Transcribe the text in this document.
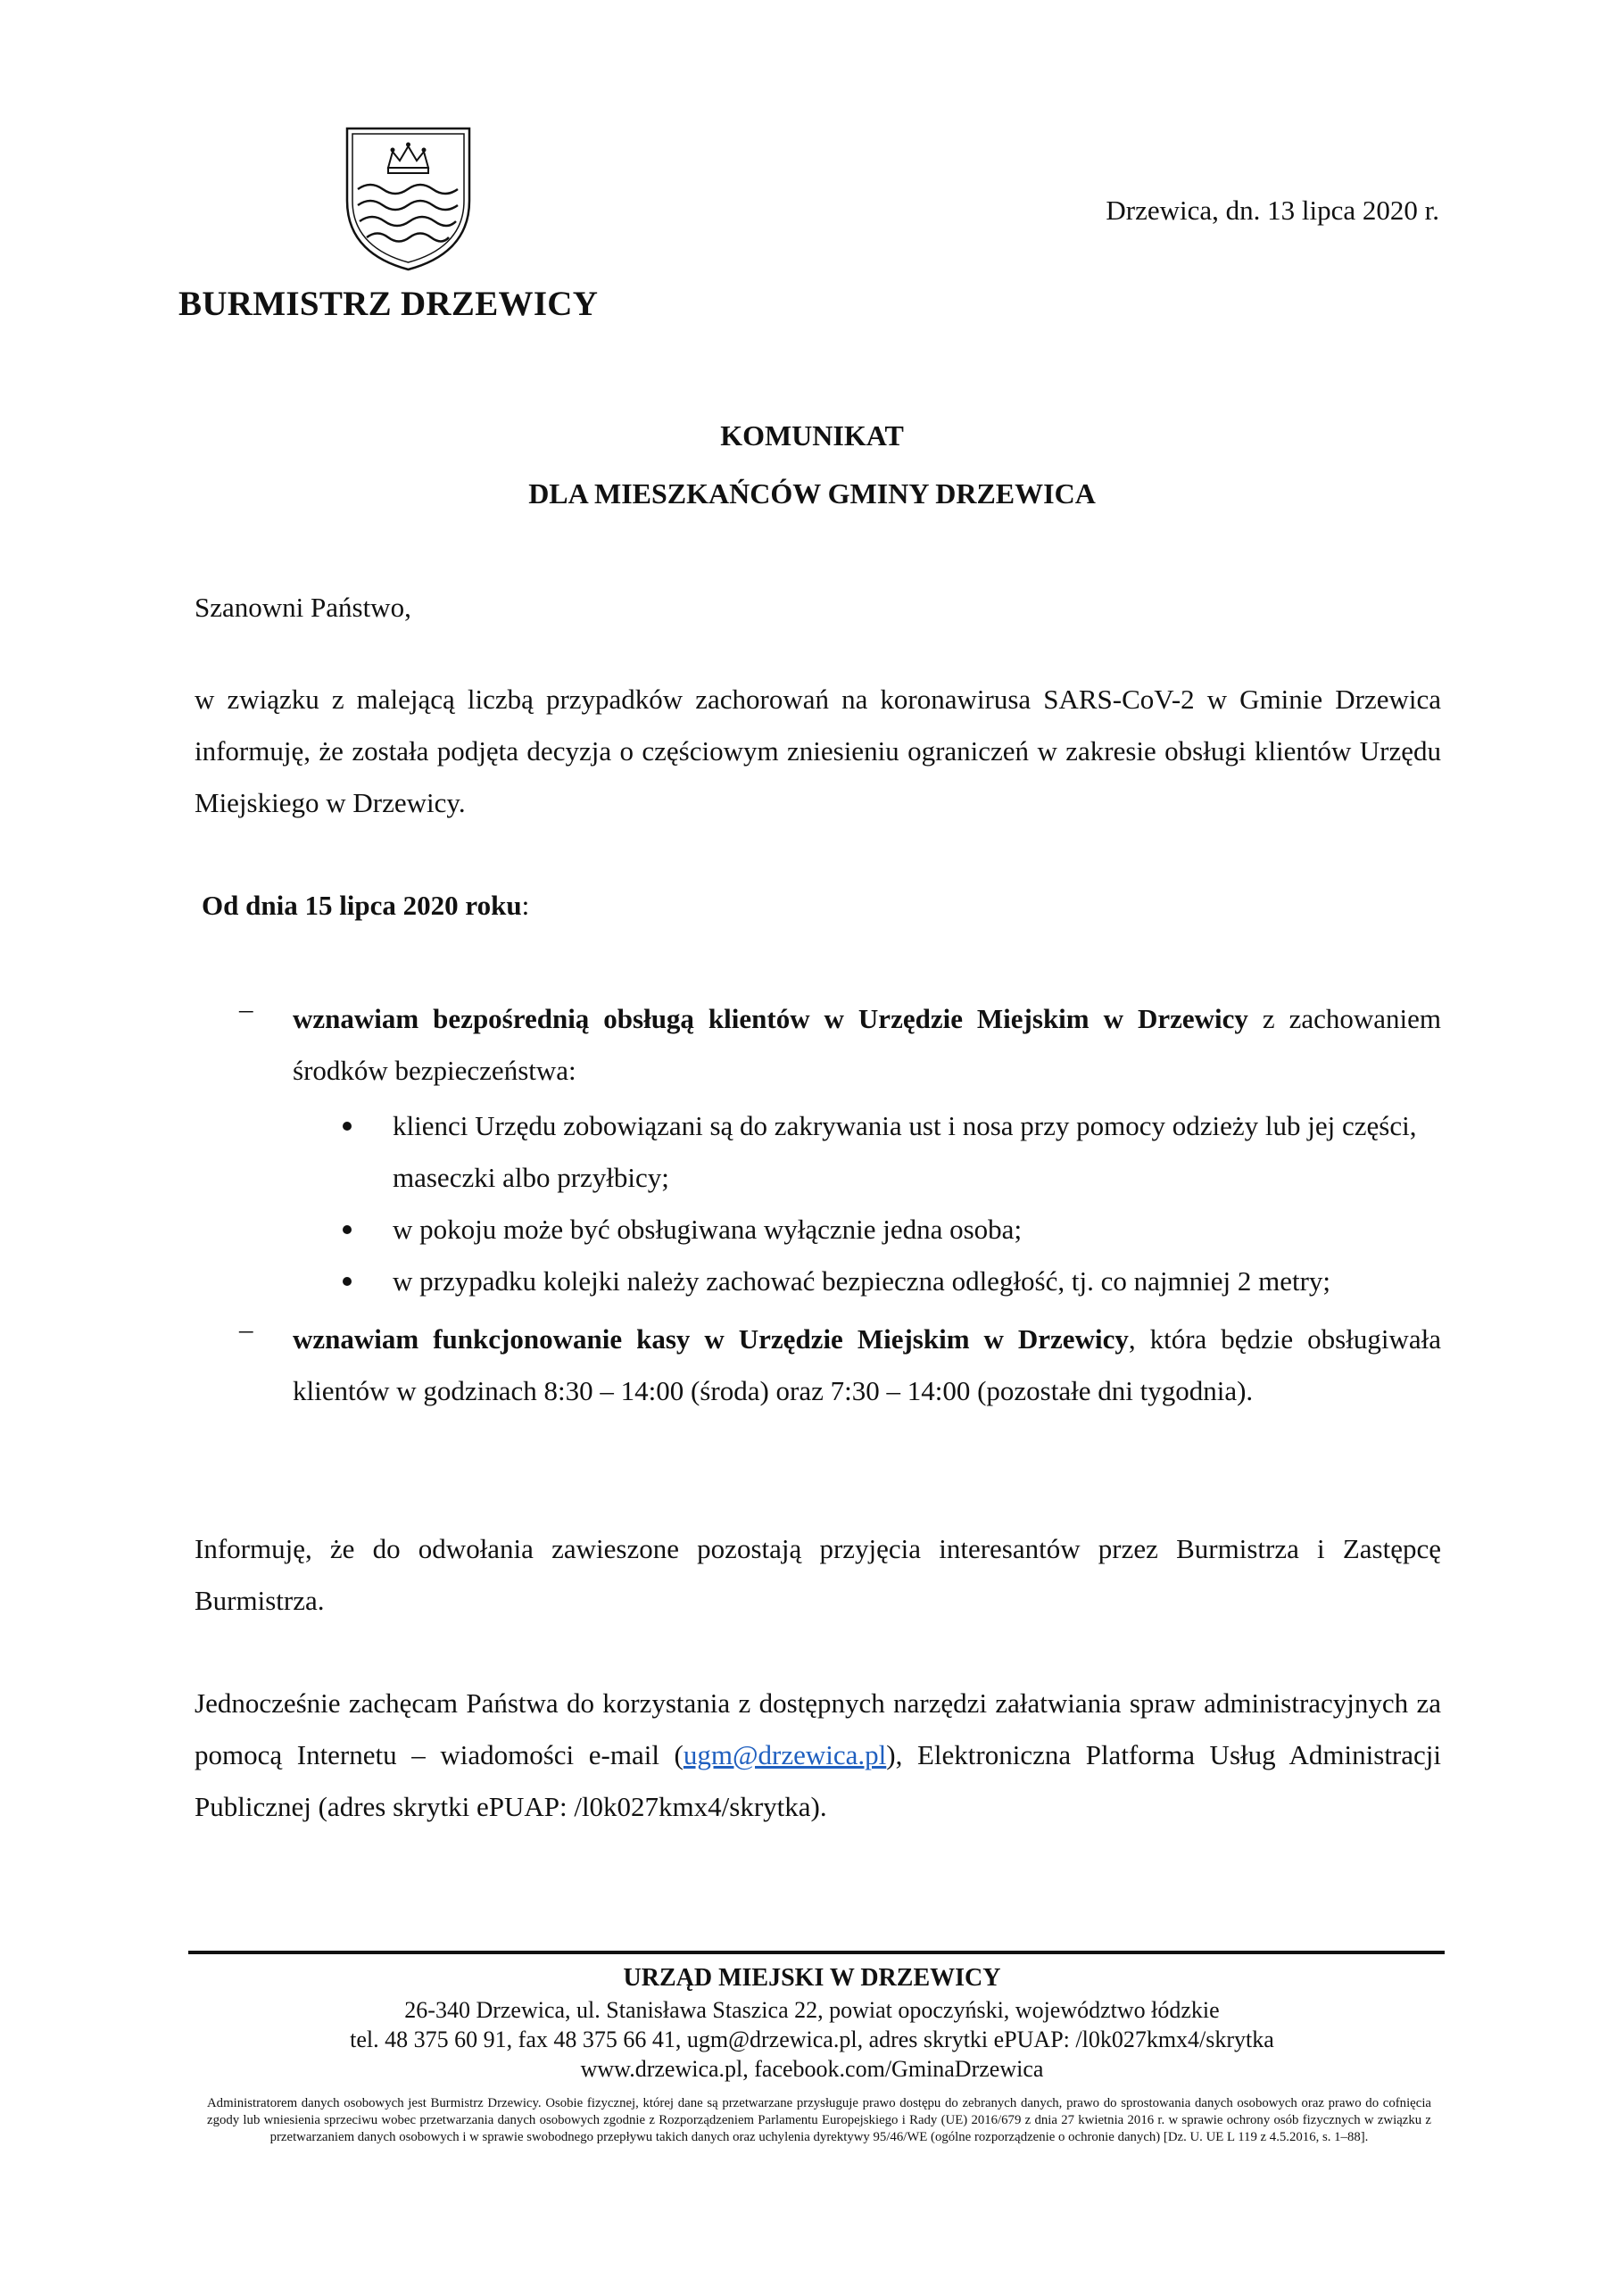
BURMISTRZ DRZEWICY
Drzewica, dn. 13 lipca 2020 r.
KOMUNIKAT
DLA MIESZKAŃCÓW GMINY DRZEWICA
Szanowni Państwo,
w związku z malejącą liczbą przypadków zachorowań na koronawirusa SARS-CoV-2 w Gminie Drzewica informuję, że została podjęta decyzja o częściowym zniesieniu ograniczeń w zakresie obsługi klientów Urzędu Miejskiego w Drzewicy.
Od dnia 15 lipca 2020 roku:
– wznawiam bezpośrednią obsługą klientów w Urzędzie Miejskim w Drzewicy z zachowaniem środków bezpieczeństwa:
klienci Urzędu zobowiązani są do zakrywania ust i nosa przy pomocy odzieży lub jej części, maseczki albo przyłbicy;
w pokoju może być obsługiwana wyłącznie jedna osoba;
w przypadku kolejki należy zachować bezpieczna odległość, tj. co najmniej 2 metry;
– wznawiam funkcjonowanie kasy w Urzędzie Miejskim w Drzewicy, która będzie obsługiwała klientów w godzinach 8:30 – 14:00 (środa) oraz 7:30 – 14:00 (pozostałe dni tygodnia).
Informuję, że do odwołania zawieszone pozostają przyjęcia interesantów przez Burmistrza i Zastępcę Burmistrza.
Jednocześnie zachęcam Państwa do korzystania z dostępnych narzędzi załatwiania spraw administracyjnych za pomocą Internetu – wiadomości e-mail (ugm@drzewica.pl), Elektroniczna Platforma Usług Administracji Publicznej (adres skrytki ePUAP: /l0k027kmx4/skrytka).
URZĄD MIEJSKI W DRZEWICY
26-340 Drzewica, ul. Stanisława Staszica 22, powiat opoczyński, województwo łódzkie
tel. 48 375 60 91, fax 48 375 66 41, ugm@drzewica.pl, adres skrytki ePUAP: /l0k027kmx4/skrytka
www.drzewica.pl, facebook.com/GminaDrzewica
Administratorem danych osobowych jest Burmistrz Drzewicy. Osobie fizycznej, której dane są przetwarzane przysługuje prawo dostępu do zebranych danych, prawo do sprostowania danych osobowych oraz prawo do cofnięcia zgody lub wniesienia sprzeciwu wobec przetwarzania danych osobowych zgodnie z Rozporządzeniem Parlamentu Europejskiego i Rady (UE) 2016/679 z dnia 27 kwietnia 2016 r. w sprawie ochrony osób fizycznych w związku z przetwarzaniem danych osobowych i w sprawie swobodnego przepływu takich danych oraz uchylenia dyrektywy 95/46/WE (ogólne rozporządzenie o ochronie danych) [Dz. U. UE L 119 z 4.5.2016, s. 1–88].
